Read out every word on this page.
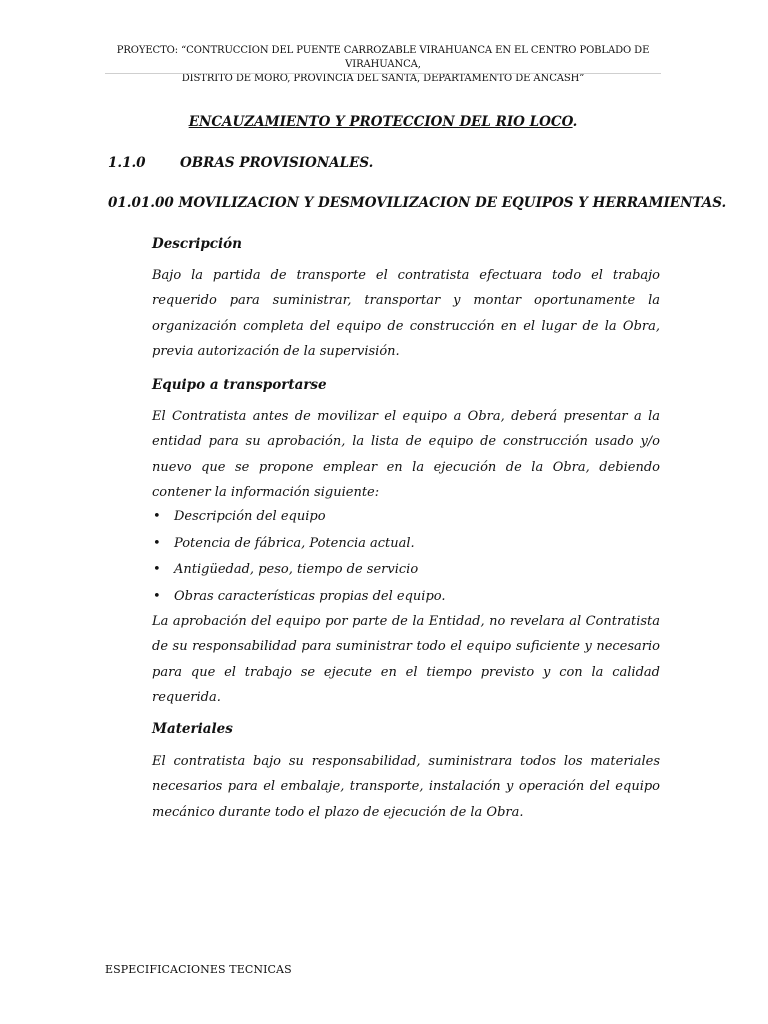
PROYECTO: “CONTRUCCION DEL PUENTE CARROZABLE VIRAHUANCA EN EL CENTRO POBLADO DE VIRAHUANCA,
DISTRITO DE MORO, PROVINCIA DEL SANTA, DEPARTAMENTO DE ANCASH”
ENCAUZAMIENTO Y PROTECCION DEL RIO LOCO.
1.1.0	OBRAS PROVISIONALES.
01.01.00 MOVILIZACION Y DESMOVILIZACION DE EQUIPOS Y HERRAMIENTAS.
Descripción

Bajo la partida de transporte el contratista efectuara todo el trabajo requerido para suministrar, transportar y montar oportunamente la organización completa del equipo de construcción en el lugar de la Obra, previa autorización de la supervisión.

Equipo a transportarse

El Contratista antes de movilizar el equipo a Obra, deberá presentar a la entidad para su aprobación, la lista de equipo de construcción usado y/o nuevo que se propone emplear en la ejecución de la Obra, debiendo contener la información siguiente:

• Descripción del equipo
• Potencia de fábrica, Potencia actual.
• Antigüedad, peso, tiempo de servicio
• Obras características propias del equipo.

La aprobación del equipo por parte de la Entidad, no revelara al Contratista de su responsabilidad para suministrar todo el equipo suficiente y necesario para que el trabajo se ejecute en el tiempo previsto y con la calidad requerida.

Materiales

El contratista bajo su responsabilidad, suministrara todos los materiales necesarios para el embalaje, transporte, instalación y operación del equipo mecánico durante todo el plazo de ejecución de la Obra.

ESPECIFICACIONES TECNICAS
